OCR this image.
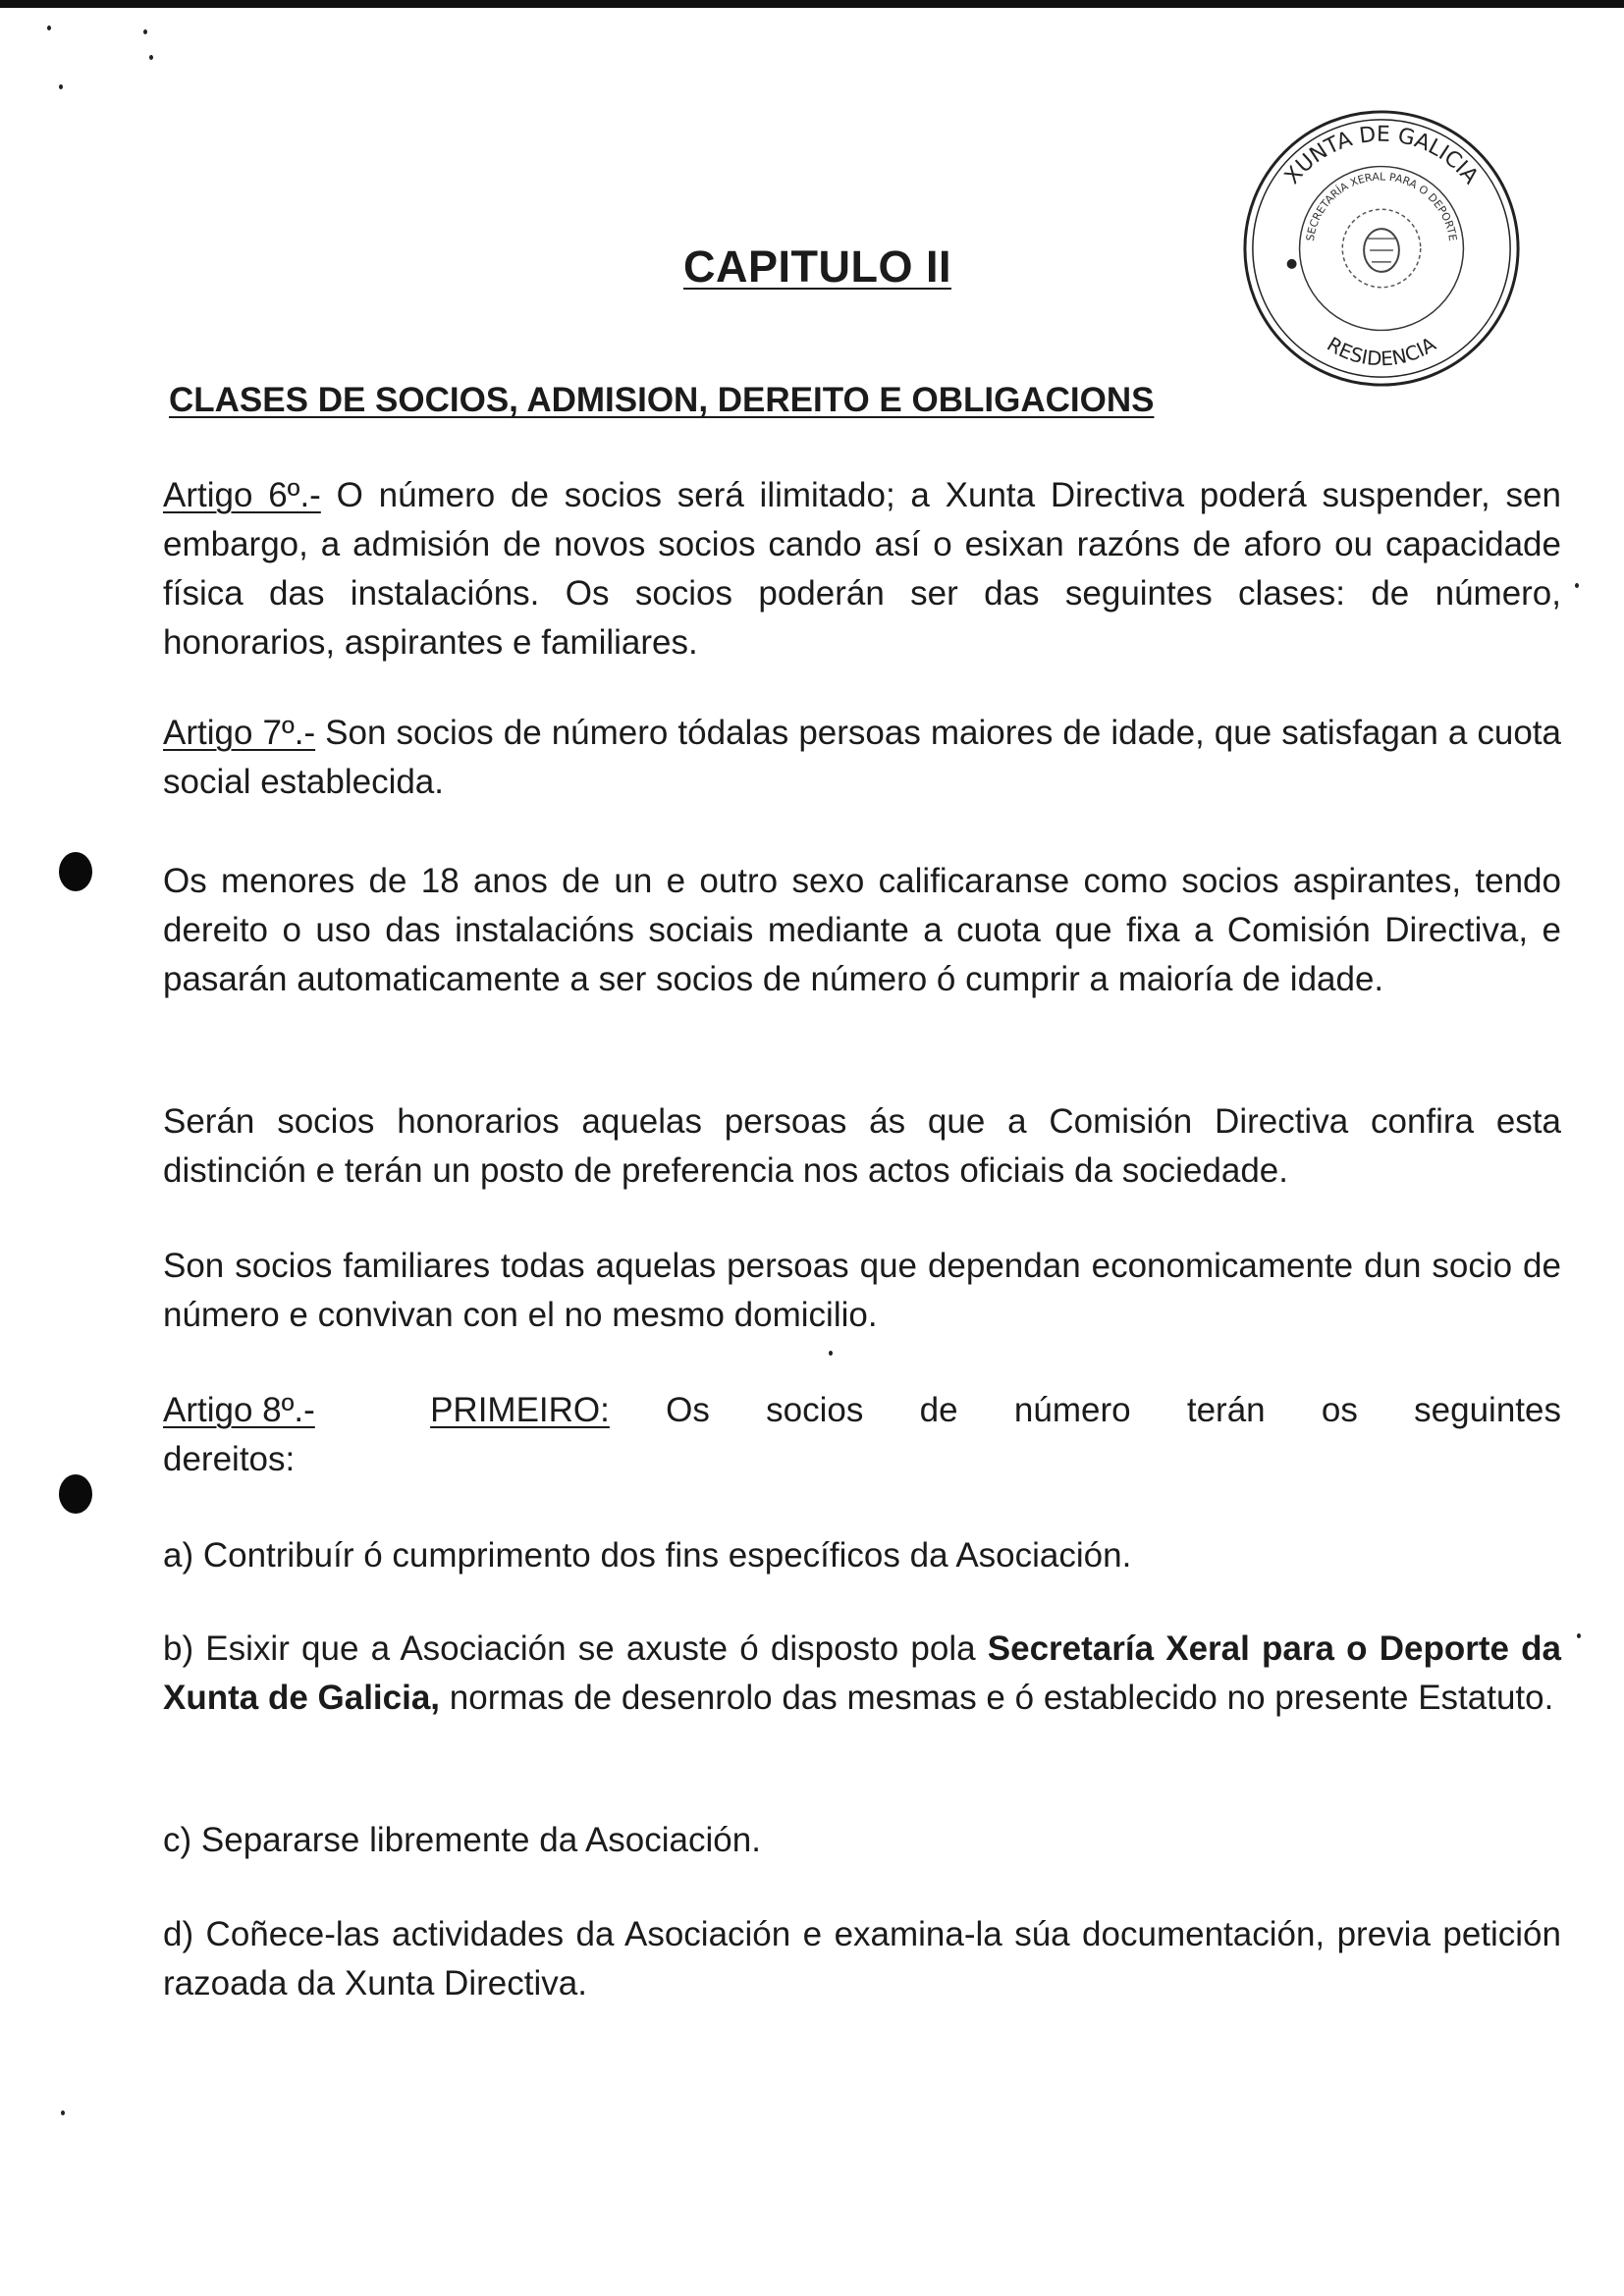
XUNTA DE GALICIA
RESIDENCIA
SECRETARÍA XERAL PARA O DEPORTE
CAPITULO II
CLASES DE SOCIOS, ADMISION, DEREITO E OBLIGACIONS
Artigo 6º.- O número de socios será ilimitado; a Xunta Directiva poderá suspender, sen embargo, a admisión de novos socios cando así o esixan razóns de aforo ou capacidade física das instalacións. Os socios poderán ser das seguintes clases: de número, honorarios, aspirantes e familiares.
Artigo 7º.- Son socios de número tódalas persoas maiores de idade, que satisfagan a cuota social establecida.
Os menores de 18 anos de un e outro sexo calificaranse como socios aspirantes, tendo dereito o uso das instalacións sociais mediante a cuota que fixa a Comisión Directiva, e pasarán automaticamente a ser socios de número ó cumprir a maioría de idade.
Serán socios honorarios aquelas persoas ás que a Comisión Directiva confira esta distinción e terán un posto de preferencia nos actos oficiais da sociedade.
Son socios familiares todas aquelas persoas que dependan economicamente dun socio de número e convivan con el no mesmo domicilio.
Artigo 8º.-	PRIMEIRO: Os socios de número terán os seguintes
dereitos:
a) Contribuír ó cumprimento dos fins específicos da Asociación.
b) Esixir que a Asociación se axuste ó disposto pola Secretaría Xeral para o Deporte da Xunta de Galicia, normas de desenrolo das mesmas e ó establecido no presente Estatuto.
c) Separarse libremente da Asociación.
d) Coñece-las actividades da Asociación e examina-la súa documentación, previa petición razoada da Xunta Directiva.
